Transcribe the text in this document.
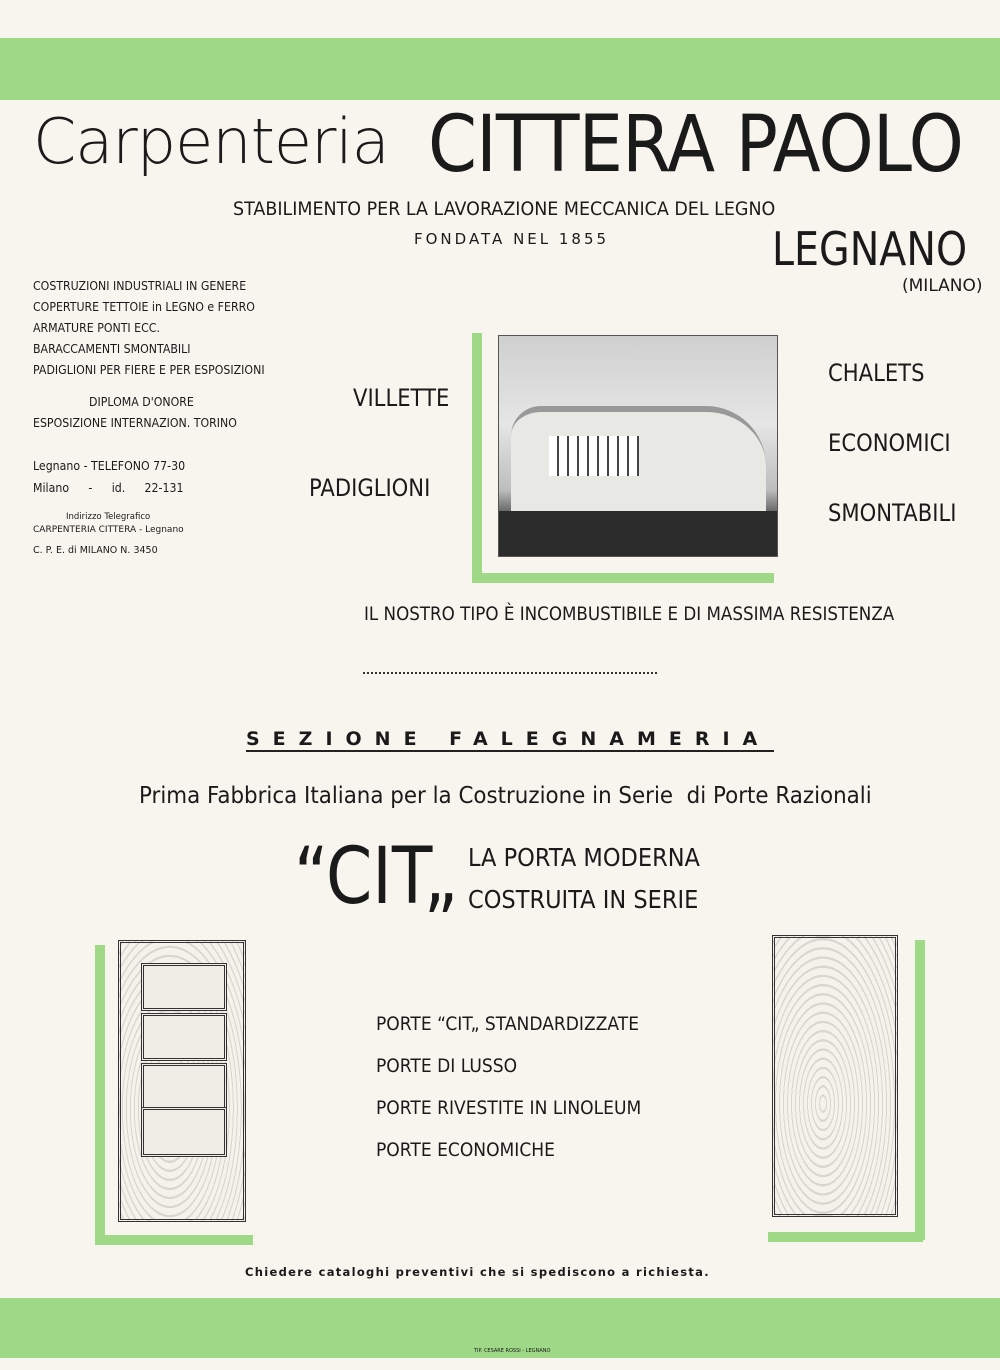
Carpenteria CITTERA PAOLO
STABILIMENTO PER LA LAVORAZIONE MECCANICA DEL LEGNO
FONDATA NEL 1855	LEGNANO
(MILANO)
COSTRUZIONI INDUSTRIALI IN GENERE
COPERTURE TETTOIE in LEGNO e FERRO
ARMATURE PONTI ECC.
BARACCAMENTI SMONTABILI
PADIGLIONI PER FIERE E PER ESPOSIZIONI
DIPLOMA D'ONORE
ESPOSIZIONE INTERNAZION. TORINO
Legnano - TELEFONO 77-30
Milano - id. 22-131
Indirizzo Telegrafico
CARPENTERIA CITTERA - Legnano
C. P. E. di MILANO N. 3450
VILLETTE
PADIGLIONI
CHALETS
ECONOMICI
SMONTABILI
IL NOSTRO TIPO È INCOMBUSTIBILE E DI MASSIMA RESISTENZA
SEZIONE FALEGNAMERIA
Prima Fabbrica Italiana per la Costruzione in Serie  di Porte Razionali
“CIT„ LA PORTA MODERNA
COSTRUITA IN SERIE
PORTE “CIT„ STANDARDIZZATE
PORTE DI LUSSO
PORTE RIVESTITE IN LINOLEUM
PORTE ECONOMICHE
Chiedere cataloghi preventivi che si spediscono a richiesta.
TIP. CESARE ROSSI - LEGNANO
